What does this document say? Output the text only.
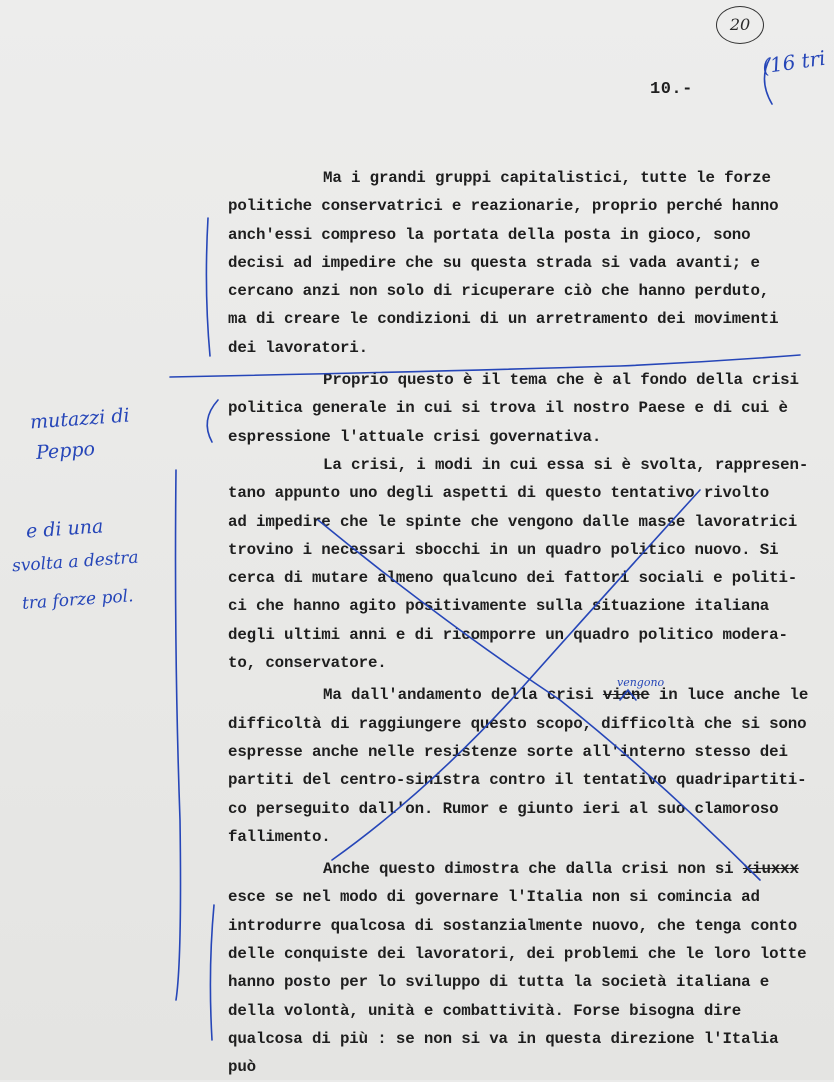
20
(16 tri
10.-
Ma i grandi gruppi capitalistici, tutte le forze
politiche conservatrici e reazionarie, proprio perché hanno
anch'essi compreso la portata della posta in gioco, sono
decisi ad impedire che su questa strada si vada avanti; e
cercano anzi non solo di ricuperare ciò che hanno perduto,
ma di creare le condizioni di un arretramento dei movimenti
dei lavoratori.
Proprio questo è il tema che è al fondo della crisi
politica generale in cui si trova il nostro Paese e di cui è
espressione l'attuale crisi governativa.
La crisi, i modi in cui essa si è svolta, rappresen-
tano appunto uno degli aspetti di questo tentativo rivolto
ad impedire che le spinte che vengono dalle masse lavoratrici
trovino i necessari sbocchi in un quadro politico nuovo. Si
cerca di mutare almeno qualcuno dei fattori sociali e politi-
ci che hanno agito positivamente sulla situazione italiana
degli ultimi anni e di ricomporre un quadro politico modera-
to, conservatore.
Ma dall'andamento della crisi viene in luce anche le
difficoltà di raggiungere questo scopo, difficoltà che si sono
espresse anche nelle resistenze sorte all'interno stesso dei
partiti del centro-sinistra contro il tentativo quadripartiti-
co perseguito dall'on. Rumor e giunto ieri al suo clamoroso
fallimento.
Anche questo dimostra che dalla crisi non si xiuxxx
esce se nel modo di governare l'Italia non si comincia ad
introdurre qualcosa di sostanzialmente nuovo, che tenga conto
delle conquiste dei lavoratori, dei problemi che le loro lotte
hanno posto per lo sviluppo di tutta la società italiana e
della volontà, unità e combattività. Forse bisogna dire
qualcosa di più : se non si va in questa direzione l'Italia
può
vengono
mutazzi di
Peppo
e di una
svolta a destra
tra forze pol.
